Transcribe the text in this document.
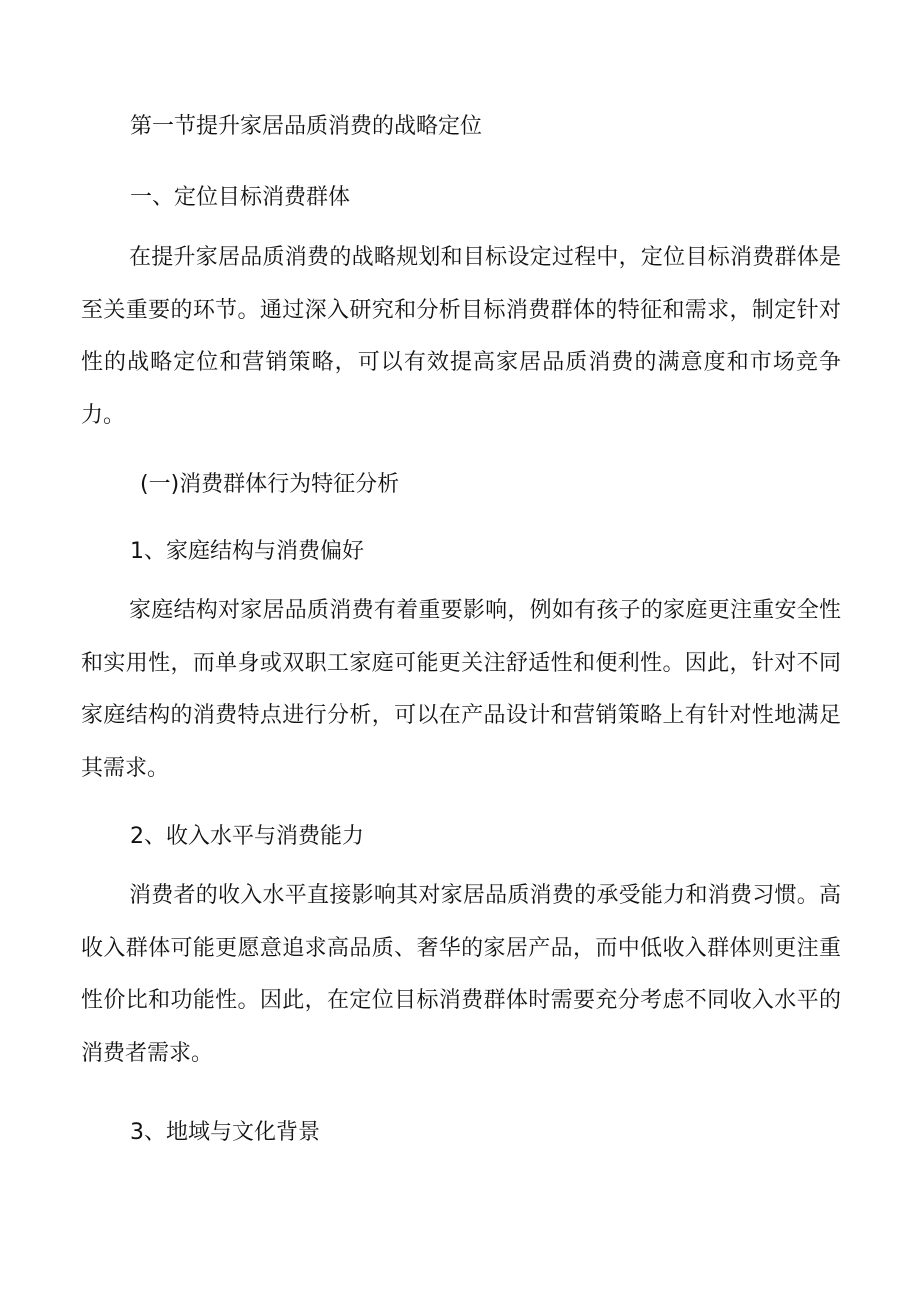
第一节提升家居品质消费的战略定位

一、定位目标消费群体

在提升家居品质消费的战略规划和目标设定过程中，定位目标消费群体是至关重要的环节。通过深入研究和分析目标消费群体的特征和需求，制定针对性的战略定位和营销策略，可以有效提高家居品质消费的满意度和市场竞争力。

(一)消费群体行为特征分析

1、家庭结构与消费偏好

家庭结构对家居品质消费有着重要影响，例如有孩子的家庭更注重安全性和实用性，而单身或双职工家庭可能更关注舒适性和便利性。因此，针对不同家庭结构的消费特点进行分析，可以在产品设计和营销策略上有针对性地满足其需求。

2、收入水平与消费能力

消费者的收入水平直接影响其对家居品质消费的承受能力和消费习惯。高收入群体可能更愿意追求高品质、奢华的家居产品，而中低收入群体则更注重性价比和功能性。因此，在定位目标消费群体时需要充分考虑不同收入水平的消费者需求。

3、地域与文化背景
